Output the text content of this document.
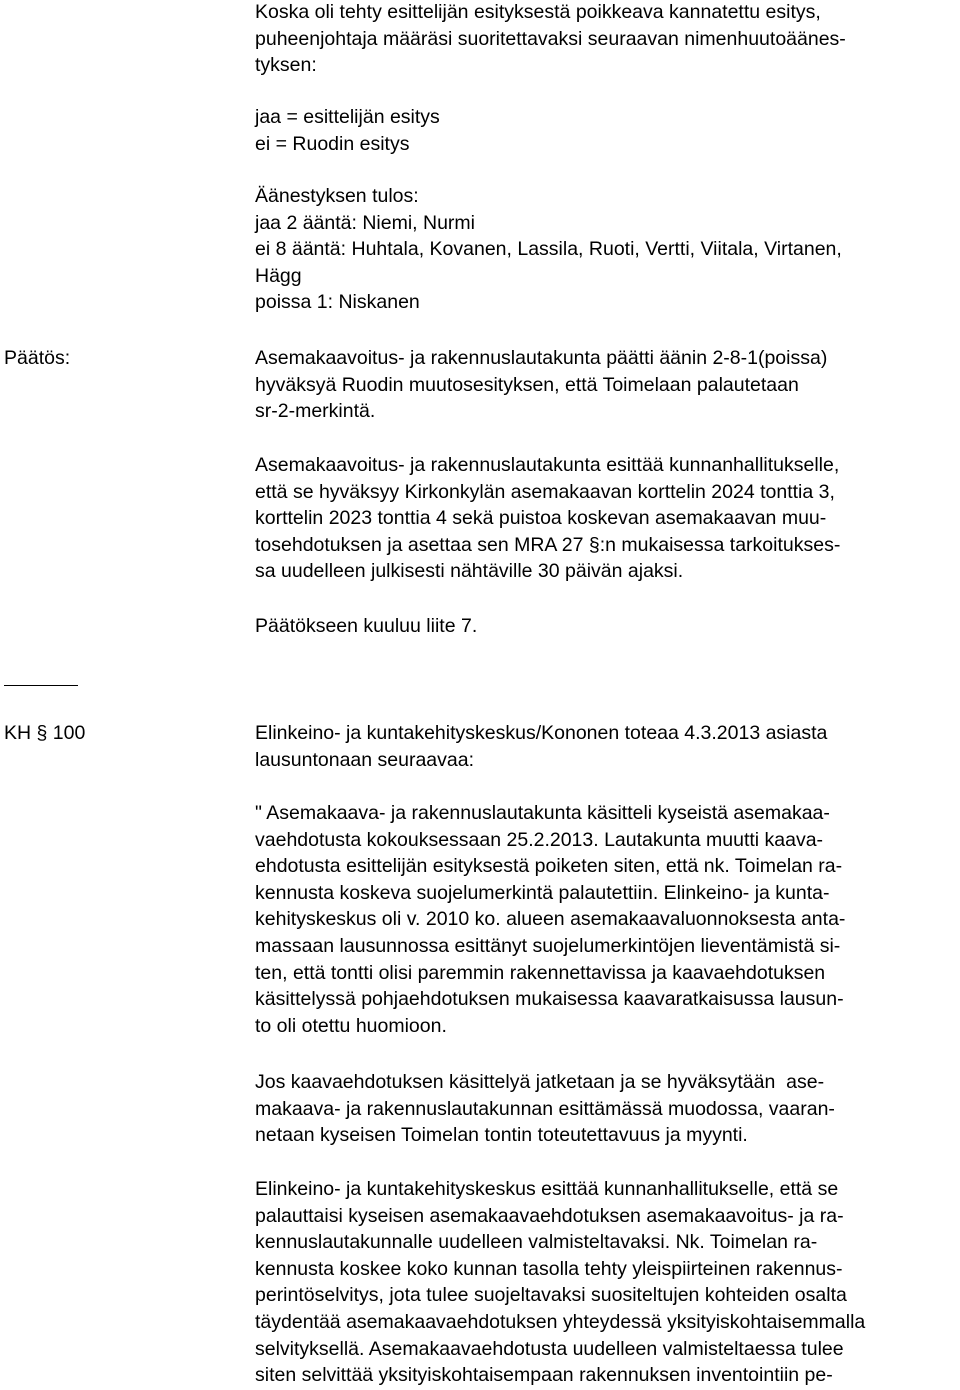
Koska oli tehty esittelijän esityksestä poikkeava kannatettu esitys,
puheenjohtaja määräsi suoritettavaksi seuraavan nimenhuutoäänes-
tyksen:
jaa = esittelijän esitys
ei = Ruodin esitys
Äänestyksen tulos:
jaa 2 ääntä: Niemi, Nurmi
ei 8 ääntä: Huhtala, Kovanen, Lassila, Ruoti, Vertti, Viitala, Virtanen,
Hägg
poissa 1: Niskanen
Päätös:	Asemakaavoitus- ja rakennuslautakunta päätti äänin 2-8-1(poissa)
hyväksyä Ruodin muutosesityksen, että Toimelaan palautetaan
sr-2-merkintä.
Asemakaavoitus- ja rakennuslautakunta esittää kunnanhallitukselle,
että se hyväksyy Kirkonkylän asemakaavan korttelin 2024 tonttia 3,
korttelin 2023 tonttia 4 sekä puistoa koskevan asemakaavan muu-
tosehdotuksen ja asettaa sen MRA 27 §:n mukaisessa tarkoitukses-
sa uudelleen julkisesti nähtäville 30 päivän ajaksi.
Päätökseen kuuluu liite 7.
KH § 100	Elinkeino- ja kuntakehityskeskus/Kononen toteaa 4.3.2013 asiasta
lausuntonaan seuraavaa:
" Asemakaava- ja rakennuslautakunta käsitteli kyseistä asemakaa-
vaehdotusta kokouksessaan 25.2.2013. Lautakunta muutti kaava-
ehdotusta esittelijän esityksestä poiketen siten, että nk. Toimelan ra-
kennusta koskeva suojelumerkintä palautettiin. Elinkeino- ja kunta-
kehityskeskus oli v. 2010 ko. alueen asemakaavaluonnoksesta anta-
massaan lausunnossa esittänyt suojelumerkintöjen lieventämistä si-
ten, että tontti olisi paremmin rakennettavissa ja kaavaehdotuksen
käsittelyssä pohjaehdotuksen mukaisessa kaavaratkaisussa lausun-
to oli otettu huomioon.
Jos kaavaehdotuksen käsittelyä jatketaan ja se hyväksytään  ase-
makaava- ja rakennuslautakunnan esittämässä muodossa, vaaran-
netaan kyseisen Toimelan tontin toteutettavuus ja myynti.
Elinkeino- ja kuntakehityskeskus esittää kunnanhallitukselle, että se
palauttaisi kyseisen asemakaavaehdotuksen asemakaavoitus- ja ra-
kennuslautakunnalle uudelleen valmisteltavaksi. Nk. Toimelan ra-
kennusta koskee koko kunnan tasolla tehty yleispiirteinen rakennus-
perintöselvitys, jota tulee suojeltavaksi suositeltujen kohteiden osalta
täydentää asemakaavaehdotuksen yhteydessä yksityiskohtaisemmalla
selvityksellä. Asemakaavaehdotusta uudelleen valmisteltaessa tulee
siten selvittää yksityiskohtaisempaan rakennuksen inventointiin pe-
